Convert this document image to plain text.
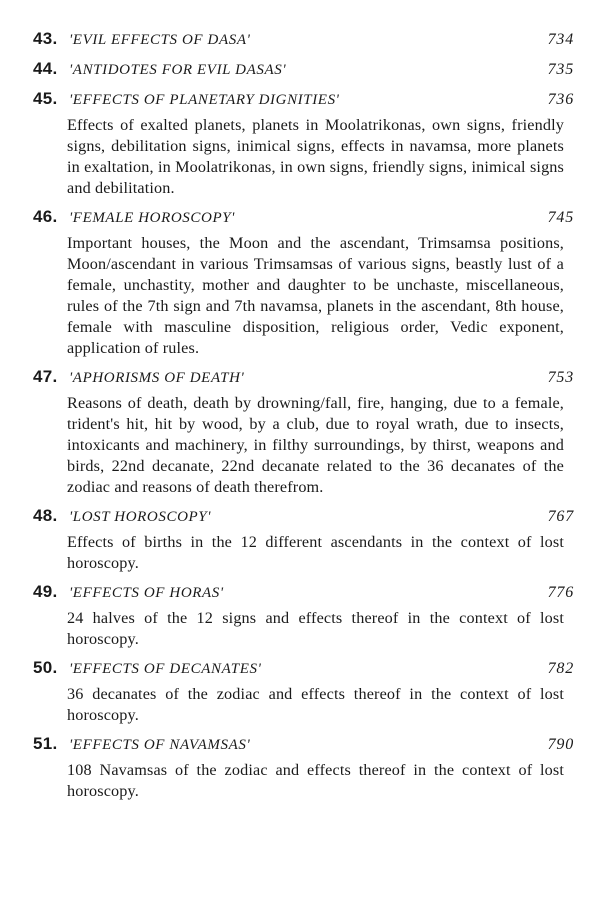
43. 'EVIL EFFECTS OF DASA'	734
44. 'ANTIDOTES FOR EVIL DASAS'	735
45. 'EFFECTS OF PLANETARY DIGNITIES'	736
Effects of exalted planets, planets in Moolatrikonas, own signs, friendly signs, debilitation signs, inimical signs, effects in navamsa, more planets in exaltation, in Moolatrikonas, in own signs, friendly signs, inimical signs and debilitation.
46. 'FEMALE HOROSCOPY'	745
Important houses, the Moon and the ascendant, Trimsamsa positions, Moon/ascendant in various Trimsamsas of various signs, beastly lust of a female, unchastity, mother and daughter to be unchaste, miscellaneous, rules of the 7th sign and 7th navamsa, planets in the ascendant, 8th house, female with masculine disposition, religious order, Vedic exponent, application of rules.
47. 'APHORISMS OF DEATH'	753
Reasons of death, death by drowning/fall, fire, hanging, due to a female, trident's hit, hit by wood, by a club, due to royal wrath, due to insects, intoxicants and machinery, in filthy surroundings, by thirst, weapons and birds, 22nd decanate, 22nd decanate related to the 36 decanates of the zodiac and reasons of death therefrom.
48. 'LOST HOROSCOPY'	767
Effects of births in the 12 different ascendants in the context of lost horoscopy.
49. 'EFFECTS OF HORAS'	776
24 halves of the 12 signs and effects thereof in the context of lost horoscopy.
50. 'EFFECTS OF DECANATES'	782
36 decanates of the zodiac and effects thereof in the context of lost horoscopy.
51. 'EFFECTS OF NAVAMSAS'	790
108 Navamsas of the zodiac and effects thereof in the context of lost horoscopy.
